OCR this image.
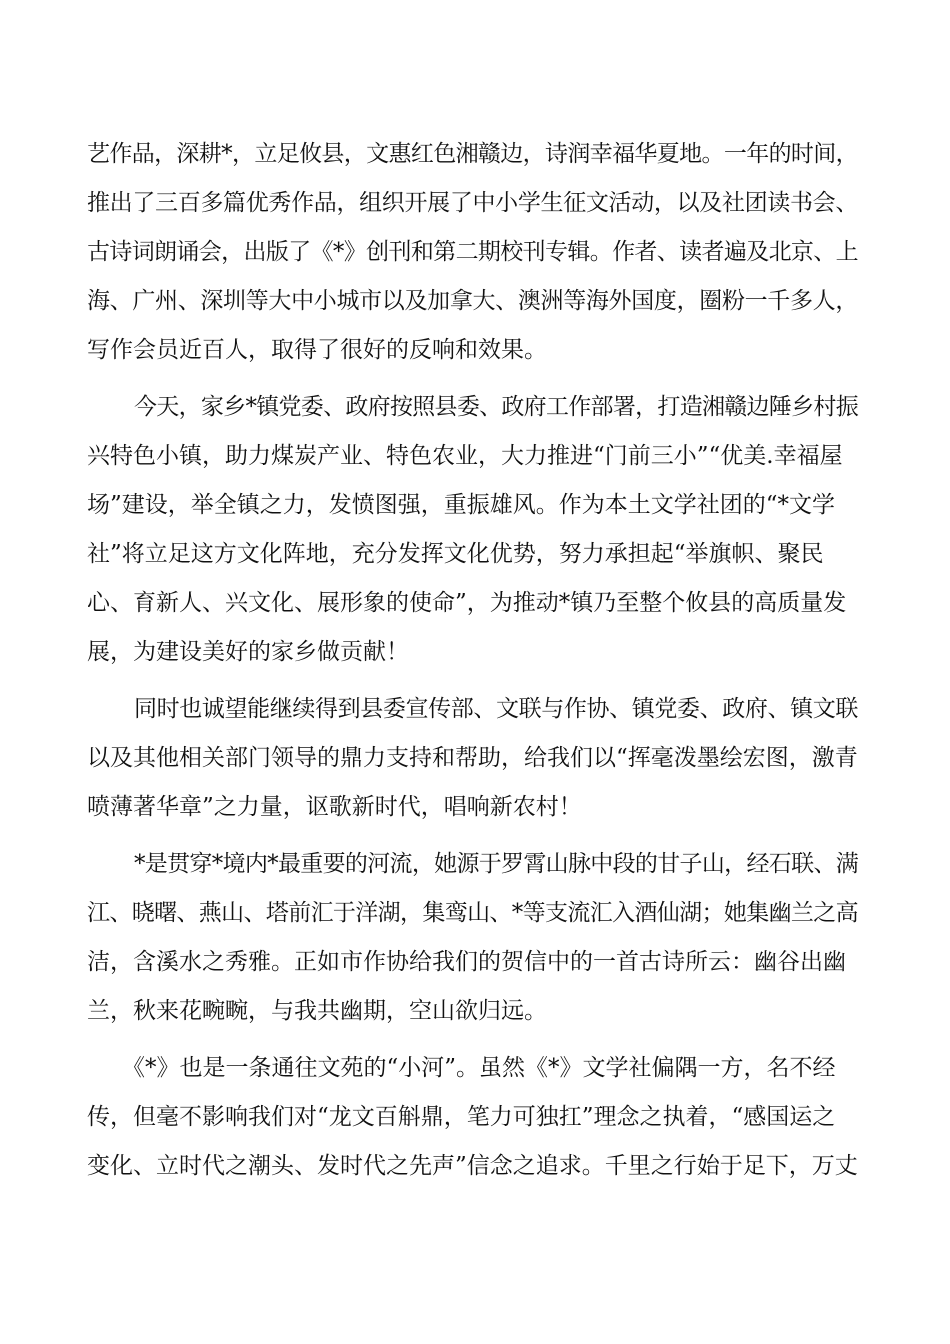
艺作品，深耕*，立足攸县，文惠红色湘赣边，诗润幸福华夏地。一年的时间，
推出了三百多篇优秀作品，组织开展了中小学生征文活动，以及社团读书会、
古诗词朗诵会，出版了《*》创刊和第二期校刊专辑。作者、读者遍及北京、上
海、广州、深圳等大中小城市以及加拿大、澳洲等海外国度，圈粉一千多人，
写作会员近百人，取得了很好的反响和效果。
今天，家乡*镇党委、政府按照县委、政府工作部署，打造湘赣边陲乡村振
兴特色小镇，助力煤炭产业、特色农业，大力推进“门前三小”“优美.幸福屋
场”建设，举全镇之力，发愤图强，重振雄风。作为本土文学社团的“*文学
社”将立足这方文化阵地，充分发挥文化优势，努力承担起“举旗帜、聚民
心、育新人、兴文化、展形象的使命”，为推动*镇乃至整个攸县的高质量发
展，为建设美好的家乡做贡献！
同时也诚望能继续得到县委宣传部、文联与作协、镇党委、政府、镇文联
以及其他相关部门领导的鼎力支持和帮助，给我们以“挥毫泼墨绘宏图，激青
喷薄著华章”之力量，讴歌新时代，唱响新农村！
*是贯穿*境内*最重要的河流，她源于罗霄山脉中段的甘子山，经石联、满
江、晓曙、燕山、塔前汇于洋湖，集鸾山、*等支流汇入酒仙湖；她集幽兰之高
洁，含溪水之秀雅。正如市作协给我们的贺信中的一首古诗所云：幽谷出幽
兰，秋来花畹畹，与我共幽期，空山欲归远。
《*》也是一条通往文苑的“小河”。虽然《*》文学社偏隅一方，名不经
传，但毫不影响我们对“龙文百斛鼎，笔力可独扛”理念之执着，“感国运之
变化、立时代之潮头、发时代之先声”信念之追求。千里之行始于足下，万丈
